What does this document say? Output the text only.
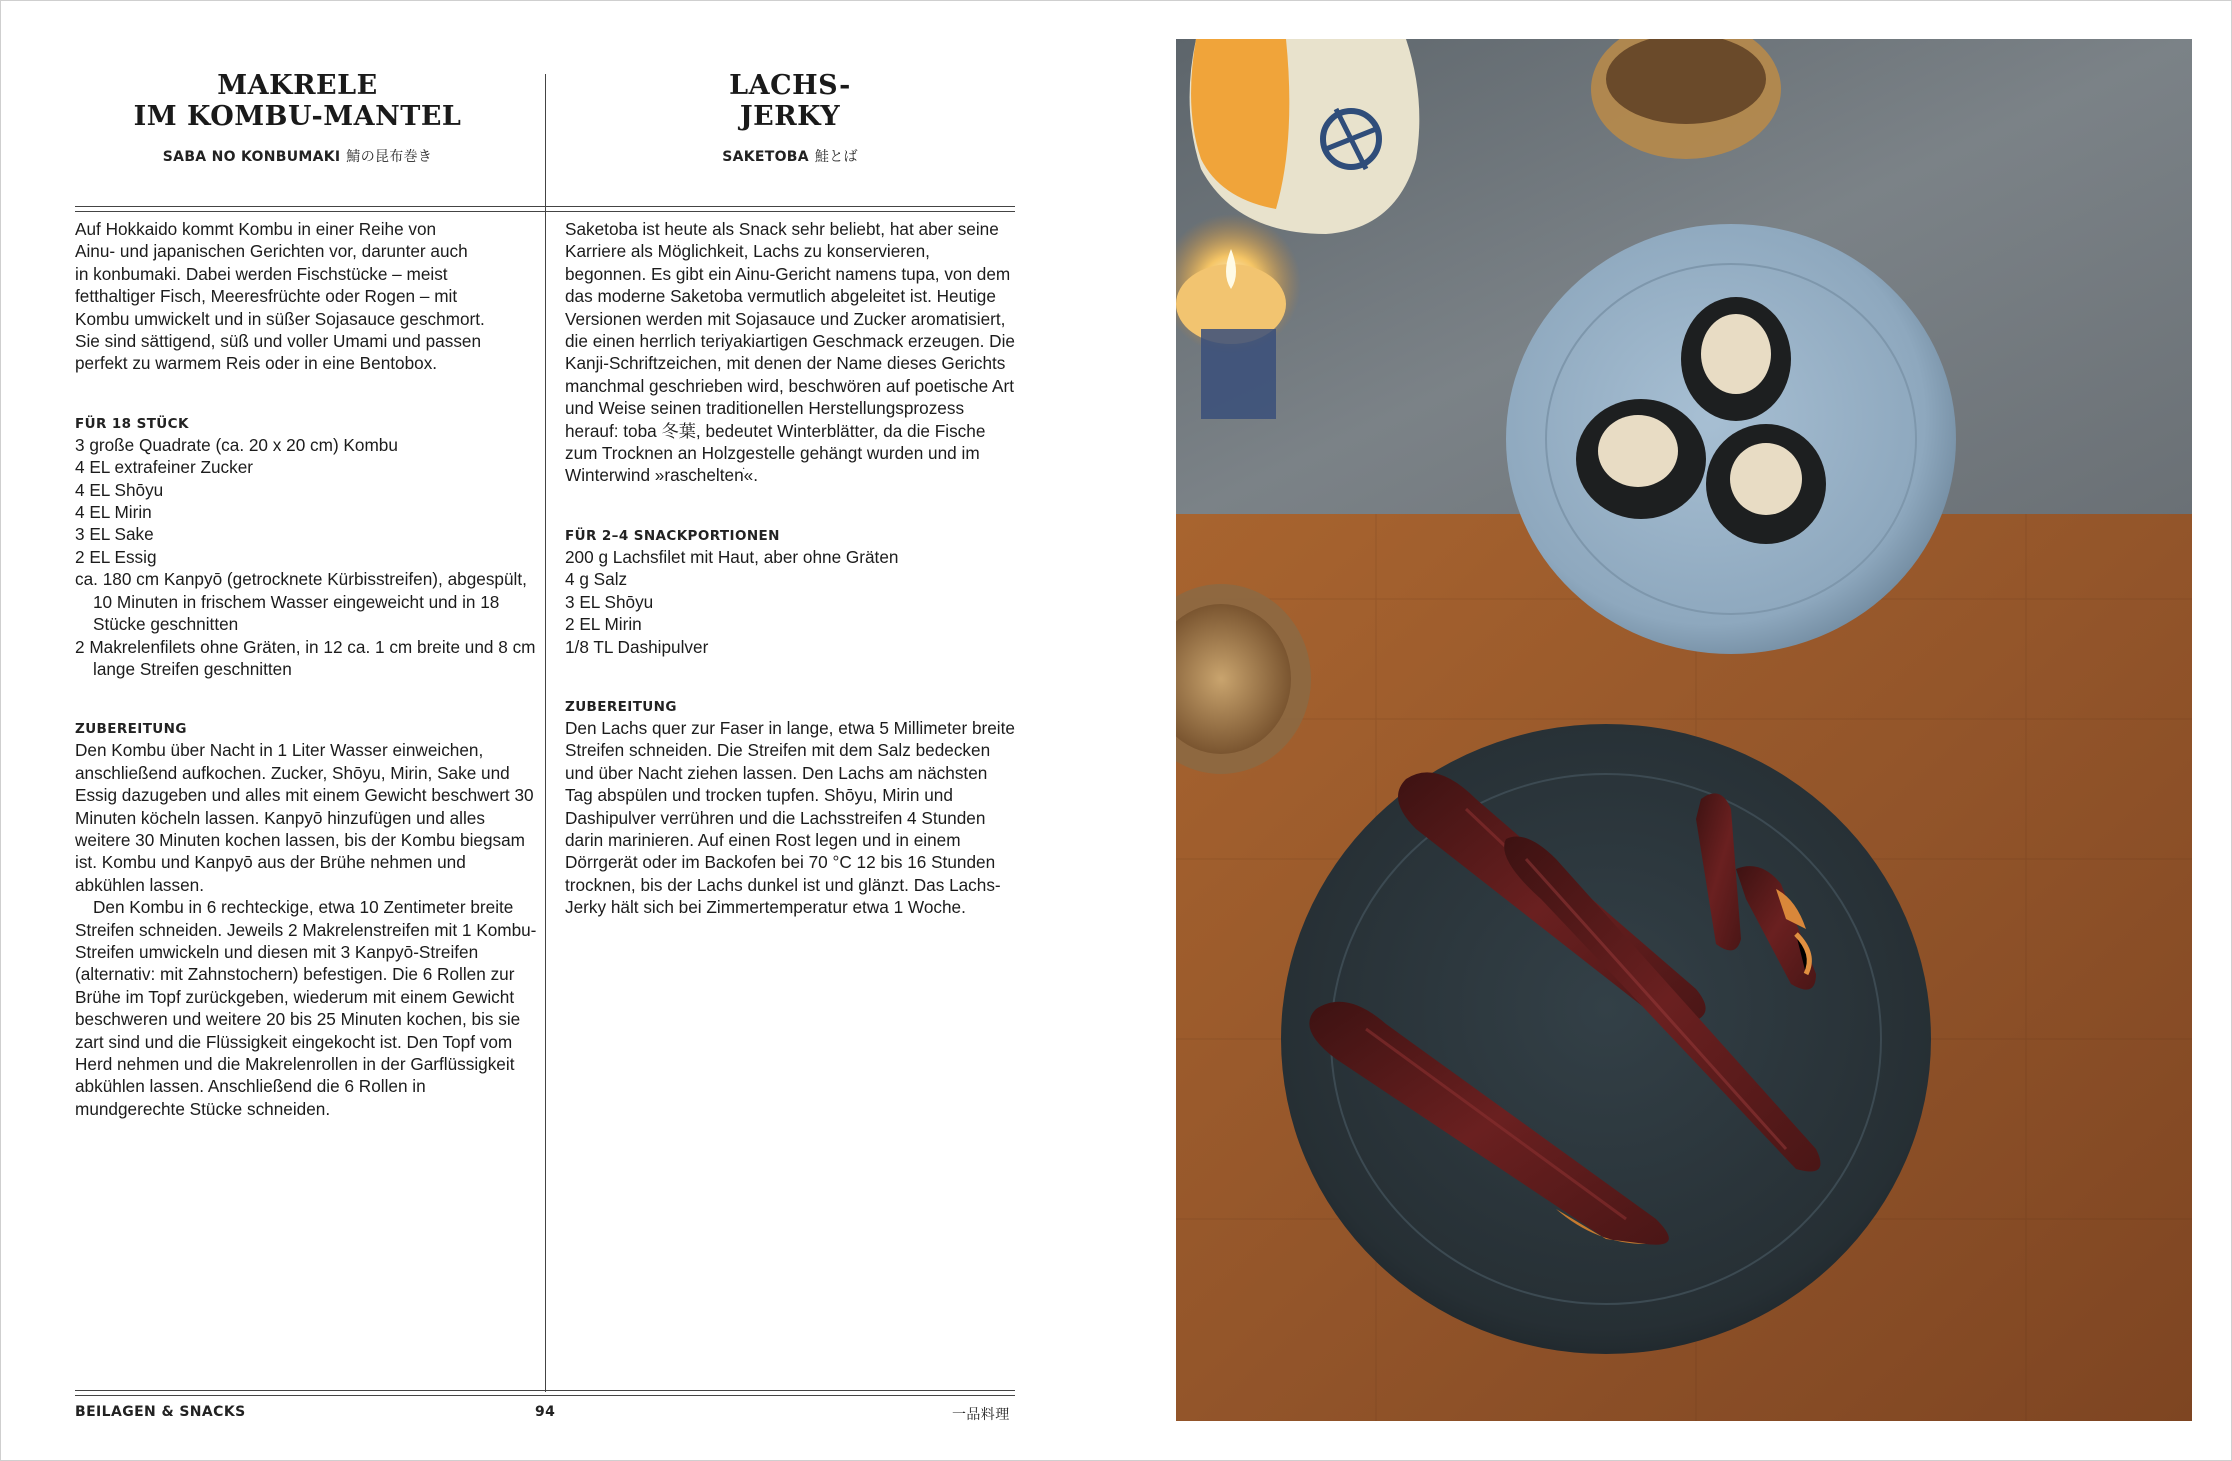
MAKRELE
IM KOMBU-MANTEL
SABA NO KONBUMAKI 鯖の昆布巻き
LACHS-
JERKY
SAKETOBA 鮭とば
Auf Hokkaido kommt Kombu in einer Reihe von
Ainu- und japanischen Gerichten vor, darunter auch
in konbumaki. Dabei werden Fischstücke – meist
fetthaltiger Fisch, Meeresfrüchte oder Rogen – mit
Kombu umwickelt und in süßer Sojasauce geschmort.
Sie sind sättigend, süß und voller Umami und passen
perfekt zu warmem Reis oder in eine Bentobox.

FÜR 18 STÜCK

3 große Quadrate (ca. 20 x 20 cm) Kombu
4 EL extrafeiner Zucker
4 EL Shōyu
4 EL Mirin
3 EL Sake
2 EL Essig
ca. 180 cm Kanpyō (getrocknete Kürbisstreifen), abgespült, 10 Minuten in frischem Wasser eingeweicht und in 18 Stücke geschnitten
2 Makrelenfilets ohne Gräten, in 12 ca. 1 cm breite und 8 cm lange Streifen geschnitten

ZUBEREITUNG

Den Kombu über Nacht in 1 Liter Wasser einweichen, anschließend aufkochen. Zucker, Shōyu, Mirin, Sake und Essig dazugeben und alles mit einem Gewicht beschwert 30 Minuten köcheln lassen. Kanpyō hinzufügen und alles weitere 30 Minuten kochen lassen, bis der Kombu biegsam ist. Kombu und Kanpyō aus der Brühe nehmen und abkühlen lassen.

Den Kombu in 6 rechteckige, etwa 10 Zentimeter breite Streifen schneiden. Jeweils 2 Makrelenstreifen mit 1 Kombu-Streifen umwickeln und diesen mit 3 Kanpyō-Streifen (alternativ: mit Zahnstochern) befestigen. Die 6 Rollen zur Brühe im Topf zurückgeben, wiederum mit einem Gewicht beschweren und weitere 20 bis 25 Minuten kochen, bis sie zart sind und die Flüssigkeit eingekocht ist. Den Topf vom Herd nehmen und die Makrelenrollen in der Garflüssigkeit abkühlen lassen. Anschließend die 6 Rollen in mundgerechte Stücke schneiden.

Saketoba ist heute als Snack sehr beliebt, hat aber seine Karriere als Möglichkeit, Lachs zu konservieren, begonnen. Es gibt ein Ainu-Gericht namens tupa, von dem das moderne Saketoba vermutlich abgeleitet ist. Heutige Versionen werden mit Sojasauce und Zucker aromatisiert, die einen herrlich teriyakiartigen Geschmack erzeugen. Die Kanji-Schriftzeichen, mit denen der Name dieses Gerichts manchmal geschrieben wird, beschwören auf poetische Art und Weise seinen traditionellen Herstellungsprozess herauf: toba 冬葉, bedeutet Winterblätter, da die Fische zum Trocknen an Holzgestelle gehängt wurden und im Winterwind »rascheltenׂ«.

FÜR 2–4 SNACKPORTIONEN

200 g Lachsfilet mit Haut, aber ohne Gräten
4 g Salz
3 EL Shōyu
2 EL Mirin
1/8 TL Dashipulver

ZUBEREITUNG

Den Lachs quer zur Faser in lange, etwa 5 Millimeter breite Streifen schneiden. Die Streifen mit dem Salz bedecken und über Nacht ziehen lassen. Den Lachs am nächsten Tag abspülen und trocken tupfen. Shōyu, Mirin und Dashipulver verrühren und die Lachsstreifen 4 Stunden darin marinieren. Auf einen Rost legen und in einem Dörrgerät oder im Backofen bei 70 °C 12 bis 16 Stunden trocknen, bis der Lachs dunkel ist und glänzt. Das Lachs-Jerky hält sich bei Zimmertemperatur etwa 1 Woche.

BEILAGEN & SNACKS	94	一品料理
